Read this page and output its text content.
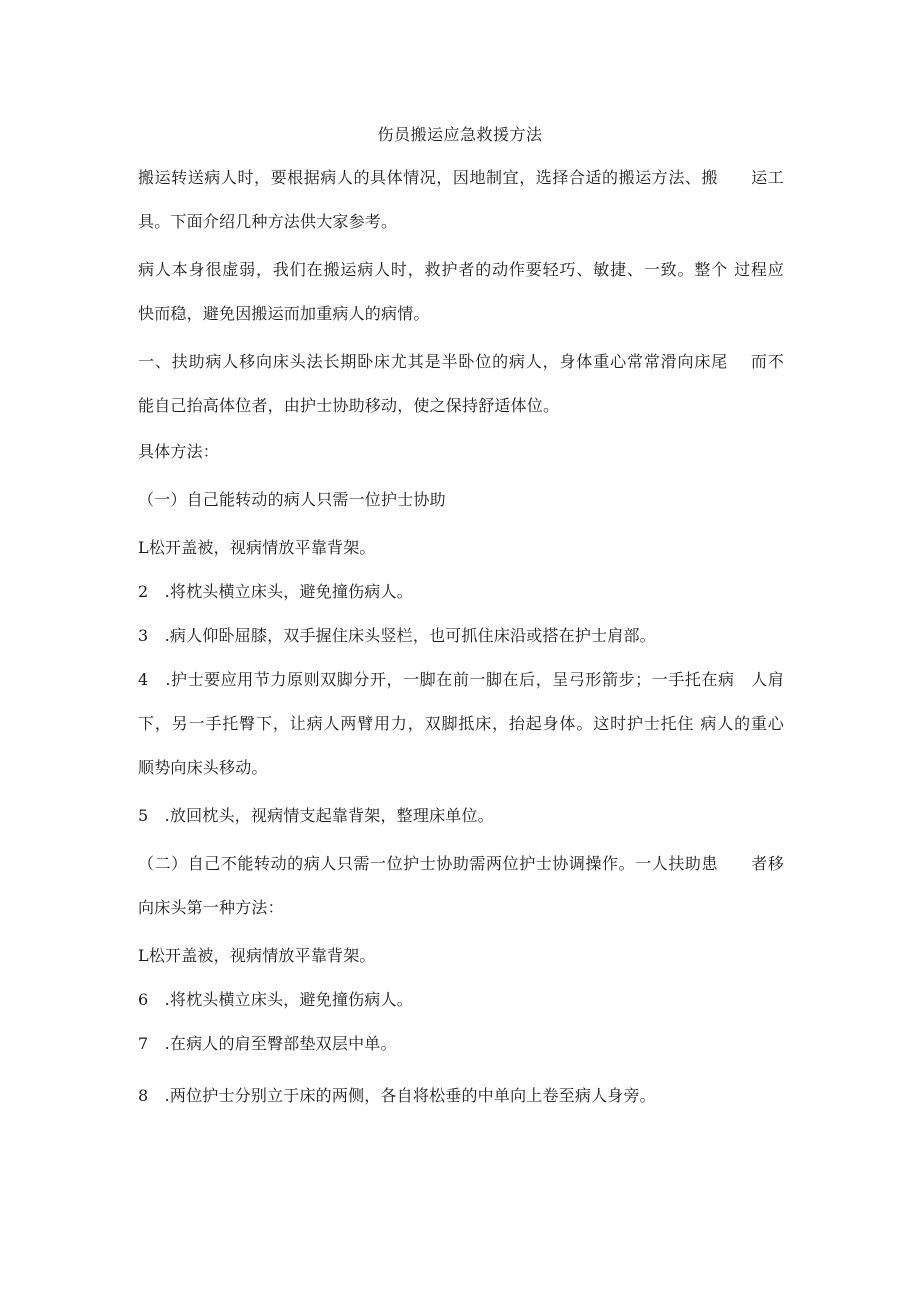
伤员搬运应急救援方法
搬运转送病人时，要根据病人的具体情况，因地制宜，选择合适的搬运方法、搬　　运工
具。下面介绍几种方法供大家参考。
病人本身很虚弱，我们在搬运病人时，救护者的动作要轻巧、敏捷、一致。整个 过程应
快而稳，避免因搬运而加重病人的病情。
一、扶助病人移向床头法长期卧床尤其是半卧位的病人，身体重心常常滑向床尾　 而不
能自己抬高体位者，由护士协助移动，使之保持舒适体位。
具体方法：
（一）自己能转动的病人只需一位护士协助
L松开盖被，视病情放平靠背架。
2　.将枕头横立床头，避免撞伤病人。
3　.病人仰卧屈膝，双手握住床头竖栏，也可抓住床沿或搭在护士肩部。
4　.护士要应用节力原则双脚分开，一脚在前一脚在后，呈弓形箭步；一手托在病　人肩
下，另一手托臀下，让病人两臂用力，双脚抵床，抬起身体。这时护士托住 病人的重心
顺势向床头移动。
5　.放回枕头，视病情支起靠背架，整理床单位。
（二）自己不能转动的病人只需一位护士协助需两位护士协调操作。一人扶助患　　者移
向床头第一种方法：
L松开盖被，视病情放平靠背架。
6　.将枕头横立床头，避免撞伤病人。
7　.在病人的肩至臀部垫双层中单。
8　.两位护士分别立于床的两侧，各自将松垂的中单向上卷至病人身旁。
